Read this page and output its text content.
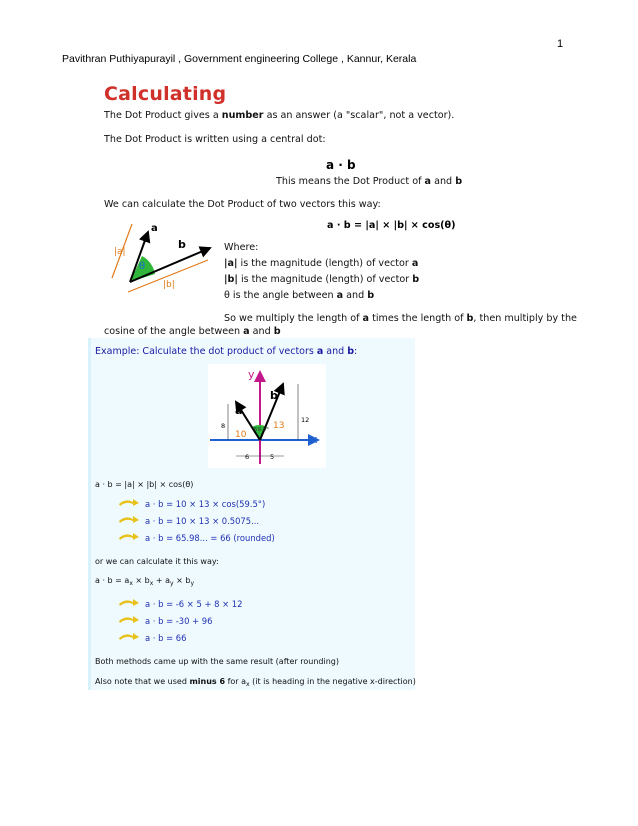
1
Pavithran Puthiyapurayil , Government engineering College , Kannur, Kerala
Calculating
The Dot Product gives a number as an answer (a "scalar", not a vector).
The Dot Product is written using a central dot:
a · b
This means the Dot Product of a and b
We can calculate the Dot Product of two vectors this way:
a · b = |a| × |b| × cos(θ)
a
b
|a|
|b|
θ
Where:
|a| is the magnitude (length) of vector a
|b| is the magnitude (length) of vector b
θ is the angle between a and b
So we multiply the length of a times the length of b, then multiply by the
cosine of the angle between a and b
Example: Calculate the dot product of vectors a and b:
y
x
a
b
10
13
59.5°
8
12
6	5
a · b = |a| × |b| × cos(θ)
a · b = 10 × 13 × cos(59.5°)
a · b = 10 × 13 × 0.5075...
a · b = 65.98... = 66 (rounded)
or we can calculate it this way:
$a \cdot b = a_x \times b_x + a_y \times b_y$
a · b = -6 × 5 + 8 × 12
a · b = -30 + 96
a · b = 66
Both methods came up with the same result (after rounding)
Also note that we used minus 6 for $a_x$ (it is heading in the negative x-direction)
